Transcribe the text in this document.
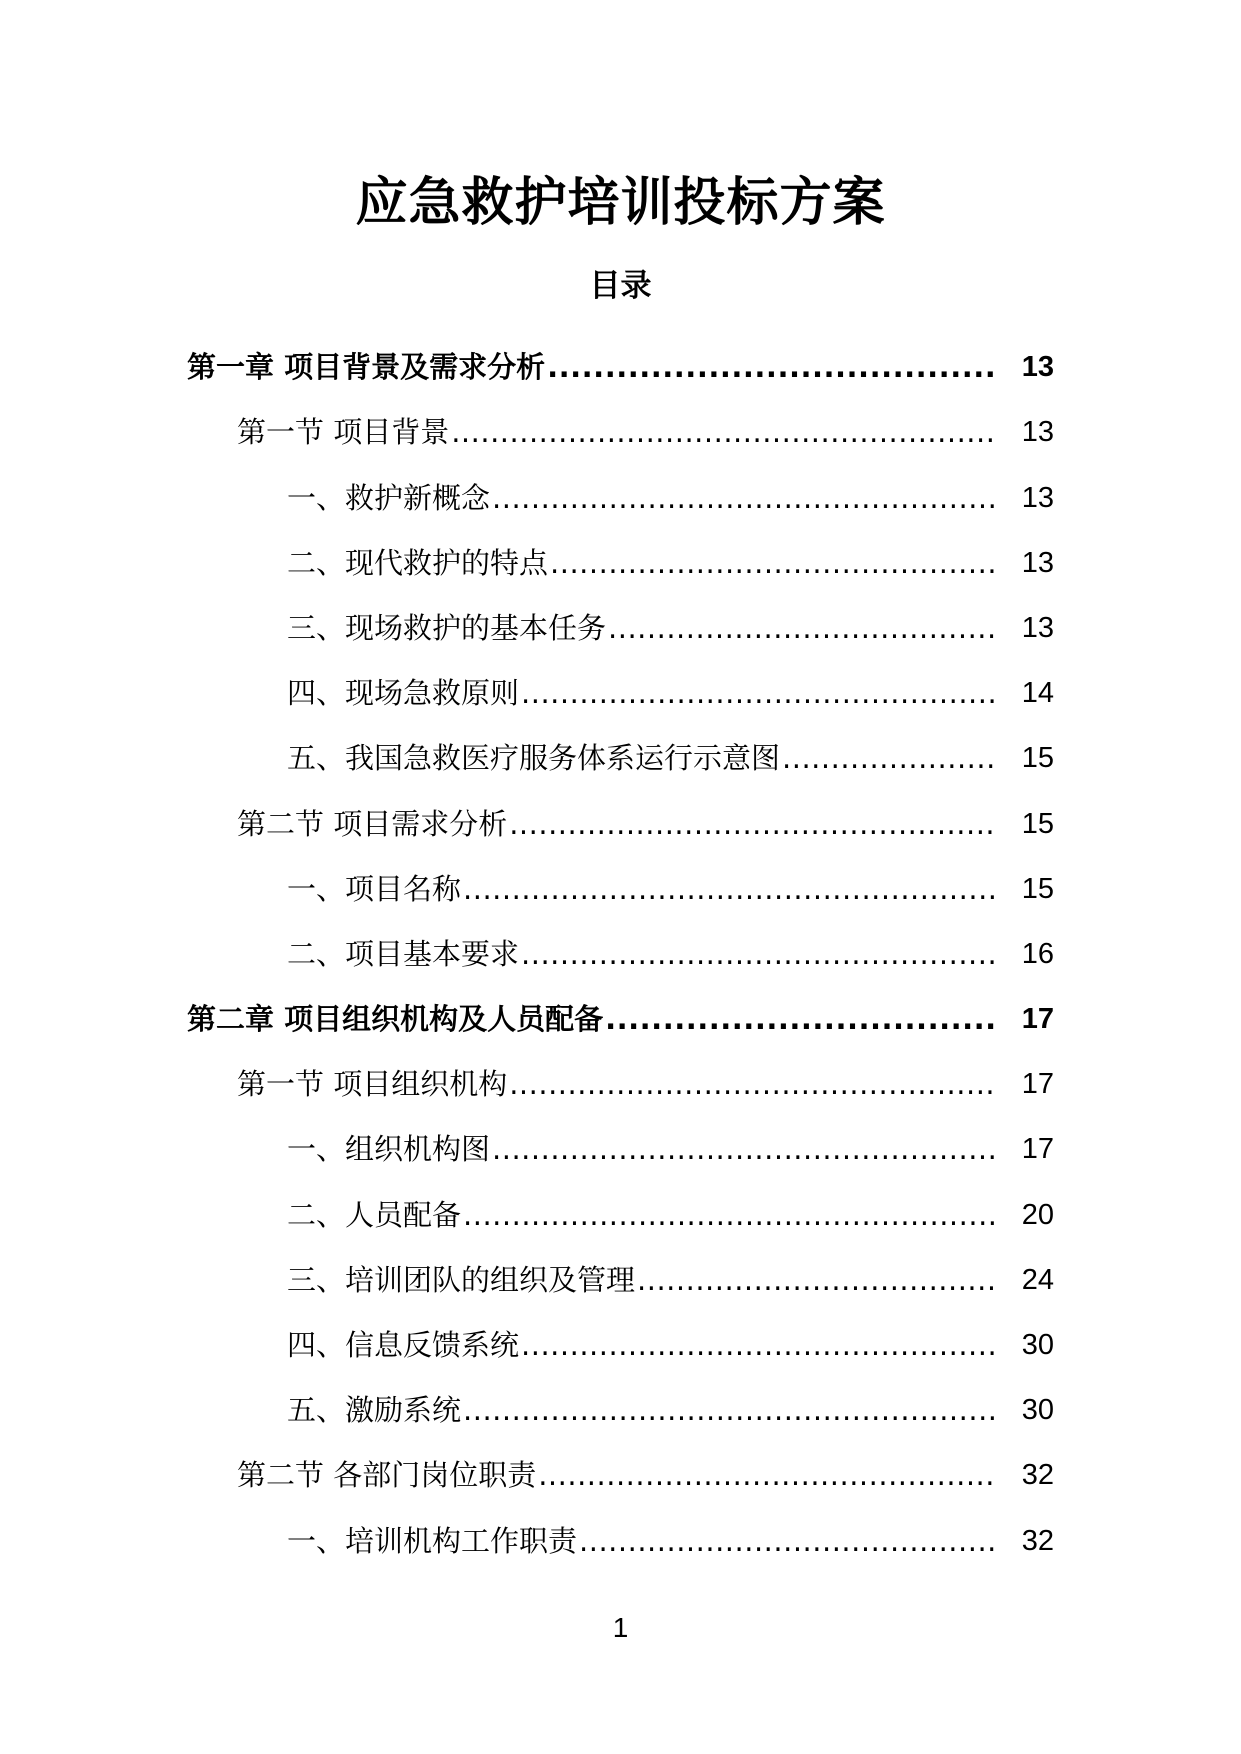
应急救护培训投标方案
目录
第一章 项目背景及需求分析 .....	13
第一节 项目背景 .....	13
一、救护新概念 .....	13
二、现代救护的特点 .....	13
三、现场救护的基本任务 .....	13
四、现场急救原则 .....	14
五、我国急救医疗服务体系运行示意图 .....	15
第二节 项目需求分析 .....	15
一、项目名称 .....	15
二、项目基本要求 .....	16
第二章 项目组织机构及人员配备 .....	17
第一节 项目组织机构 .....	17
一、组织机构图 .....	17
二、人员配备 .....	20
三、培训团队的组织及管理 .....	24
四、信息反馈系统 .....	30
五、激励系统 .....	30
第二节 各部门岗位职责 .....	32
一、培训机构工作职责 .....	32
1
